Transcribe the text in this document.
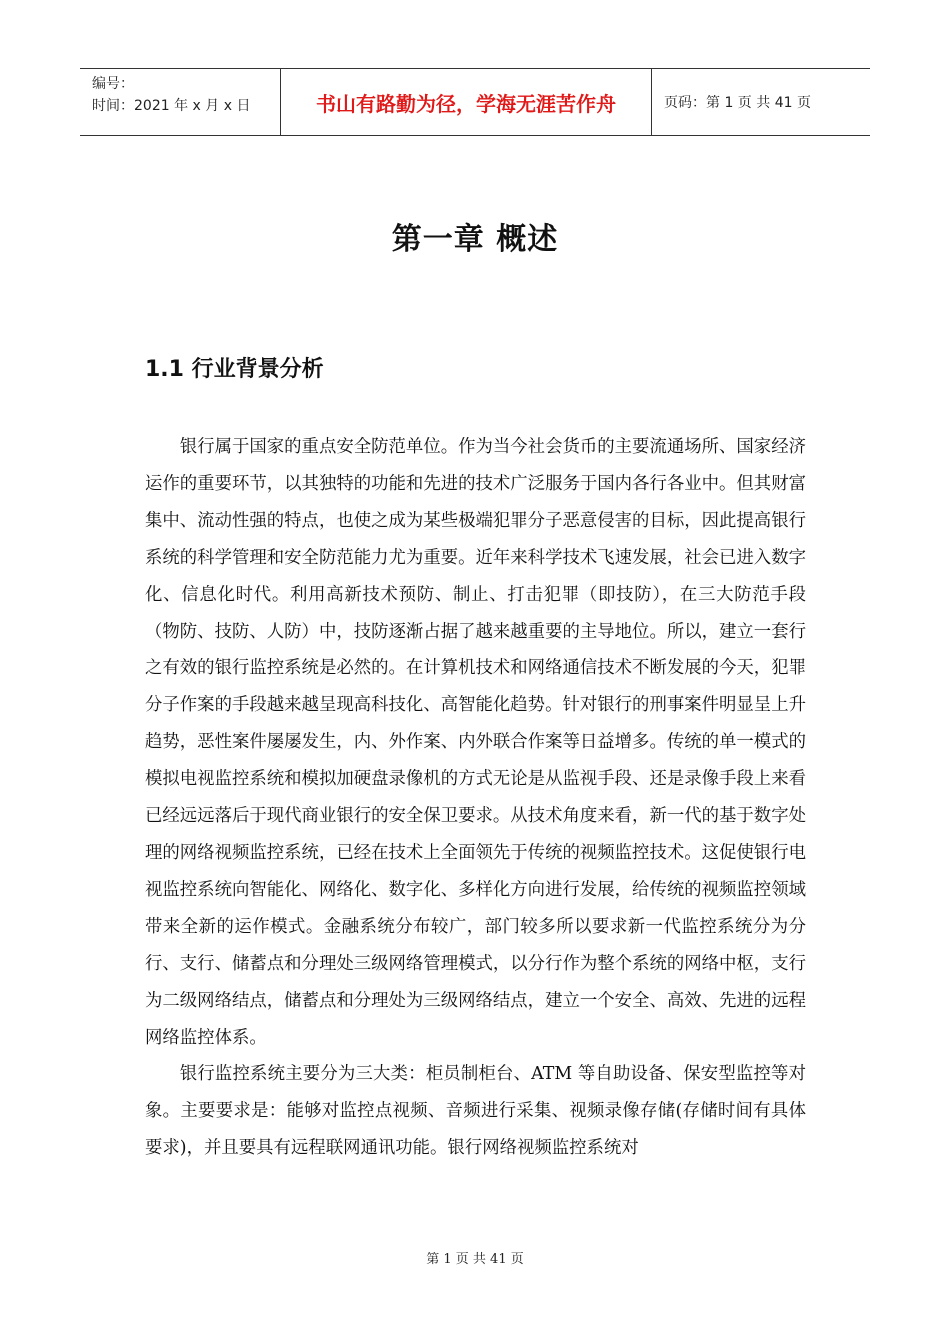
编号：
时间：2021 年 x 月 x 日	书山有路勤为径，学海无涯苦作舟	页码：第 1 页 共 41 页
第一章 概述
1.1 行业背景分析

银行属于国家的重点安全防范单位。作为当今社会货币的主要流通场所、国家经济运作的重要环节，以其独特的功能和先进的技术广泛服务于国内各行各业中。但其财富集中、流动性强的特点，也使之成为某些极端犯罪分子恶意侵害的目标，因此提高银行系统的科学管理和安全防范能力尤为重要。近年来科学技术飞速发展，社会已进入数字化、信息化时代。利用高新技术预防、制止、打击犯罪（即技防），在三大防范手段（物防、技防、人防）中，技防逐渐占据了越来越重要的主导地位。所以，建立一套行之有效的银行监控系统是必然的。在计算机技术和网络通信技术不断发展的今天，犯罪分子作案的手段越来越呈现高科技化、高智能化趋势。针对银行的刑事案件明显呈上升趋势，恶性案件屡屡发生，内、外作案、内外联合作案等日益增多。传统的单一模式的模拟电视监控系统和模拟加硬盘录像机的方式无论是从监视手段、还是录像手段上来看已经远远落后于现代商业银行的安全保卫要求。从技术角度来看，新一代的基于数字处理的网络视频监控系统，已经在技术上全面领先于传统的视频监控技术。这促使银行电视监控系统向智能化、网络化、数字化、多样化方向进行发展，给传统的视频监控领域带来全新的运作模式。金融系统分布较广，部门较多所以要求新一代监控系统分为分行、支行、储蓄点和分理处三级网络管理模式，以分行作为整个系统的网络中枢，支行为二级网络结点，储蓄点和分理处为三级网络结点，建立一个安全、高效、先进的远程网络监控体系。

银行监控系统主要分为三大类：柜员制柜台、ATM 等自助设备、保安型监控等对象。主要要求是：能够对监控点视频、音频进行采集、视频录像存储(存储时间有具体要求)，并且要具有远程联网通讯功能。银行网络视频监控系统对

第 1 页 共 41 页
